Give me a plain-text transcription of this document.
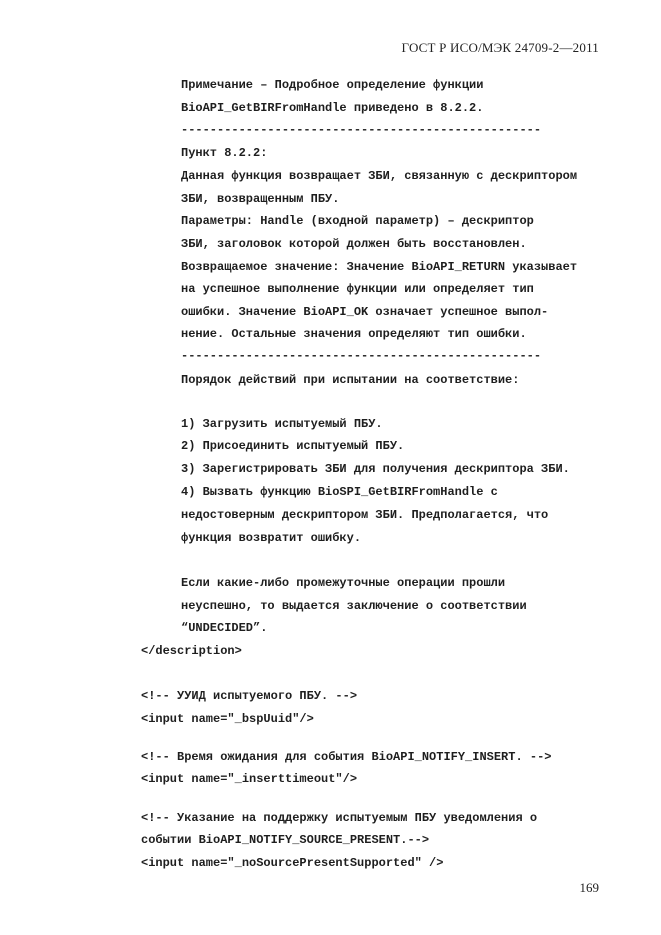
ГОСТ Р ИСО/МЭК 24709-2—2011
Примечание – Подробное определение функции
BioAPI_GetBIRFromHandle приведено в 8.2.2.
--------------------------------------------------
Пункт 8.2.2:
Данная функция возвращает ЗБИ, связанную с дескриптором
ЗБИ, возвращенным ПБУ.
Параметры: Handle (входной параметр) – дескриптор
ЗБИ, заголовок которой должен быть восстановлен.
Возвращаемое значение: Значение BioAPI_RETURN указывает
на успешное выполнение функции или определяет тип
ошибки. Значение BioAPI_OK означает успешное выпол-
нение. Остальные значения определяют тип ошибки.
--------------------------------------------------
Порядок действий при испытании на соответствие:
1) Загрузить испытуемый ПБУ.
2) Присоединить испытуемый ПБУ.
3) Зарегистрировать ЗБИ для получения дескриптора ЗБИ.
4) Вызвать функцию BioSPI_GetBIRFromHandle с
недостоверным дескриптором ЗБИ. Предполагается, что
функция возвратит ошибку.
Если какие-либо промежуточные операции прошли
неуспешно, то выдается заключение о соответствии
“UNDECIDED”.
</description>
<!-- УУИД испытуемого ПБУ. -->
<input name="_bspUuid"/>
<!-- Время ожидания для события BioAPI_NOTIFY_INSERT. -->
<input name="_inserttimeout"/>
<!-- Указание на поддержку испытуемым ПБУ уведомления о
событии BioAPI_NOTIFY_SOURCE_PRESENT.-->
<input name="_noSourcePresentSupported" />
169
